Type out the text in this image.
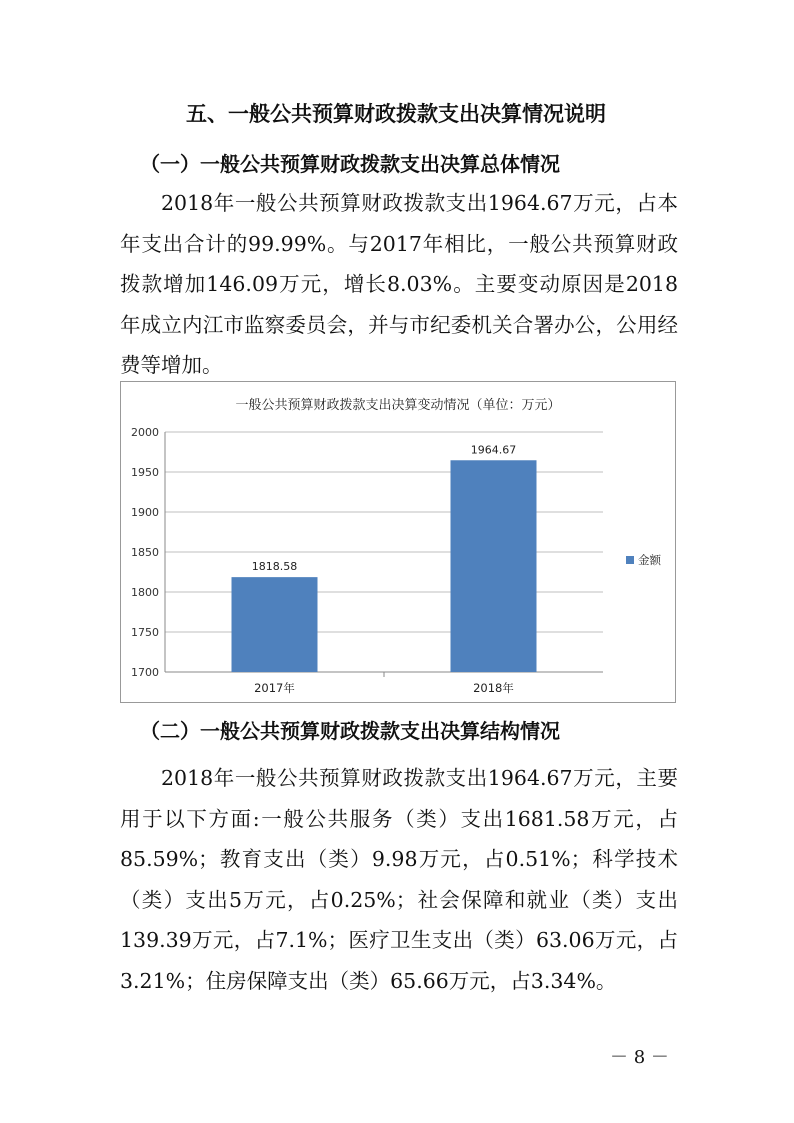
五、一般公共预算财政拨款支出决算情况说明
（一）一般公共预算财政拨款支出决算总体情况

2018年一般公共预算财政拨款支出1964.67万元，占本年支出合计的99.99%。与2017年相比，一般公共预算财政拨款增加146.09万元，增长8.03%。主要变动原因是2018年成立内江市监察委员会，并与市纪委机关合署办公，公用经费等增加。

一般公共预算财政拨款支出决算变动情况（单位：万元）
1700
1750
1800
1850
1900
1950
2000
1818.58
2017年
1964.67
2018年
金额
（二）一般公共预算财政拨款支出决算结构情况

2018年一般公共预算财政拨款支出1964.67万元，主要用于以下方面:一般公共服务（类）支出1681.58万元，占85.59%；教育支出（类）9.98万元，占0.51%；科学技术（类）支出5万元，占0.25%；社会保障和就业（类）支出139.39万元，占7.1%；医疗卫生支出（类）63.06万元，占3.21%；住房保障支出（类）65.66万元，占3.34%。

－ 8 －
